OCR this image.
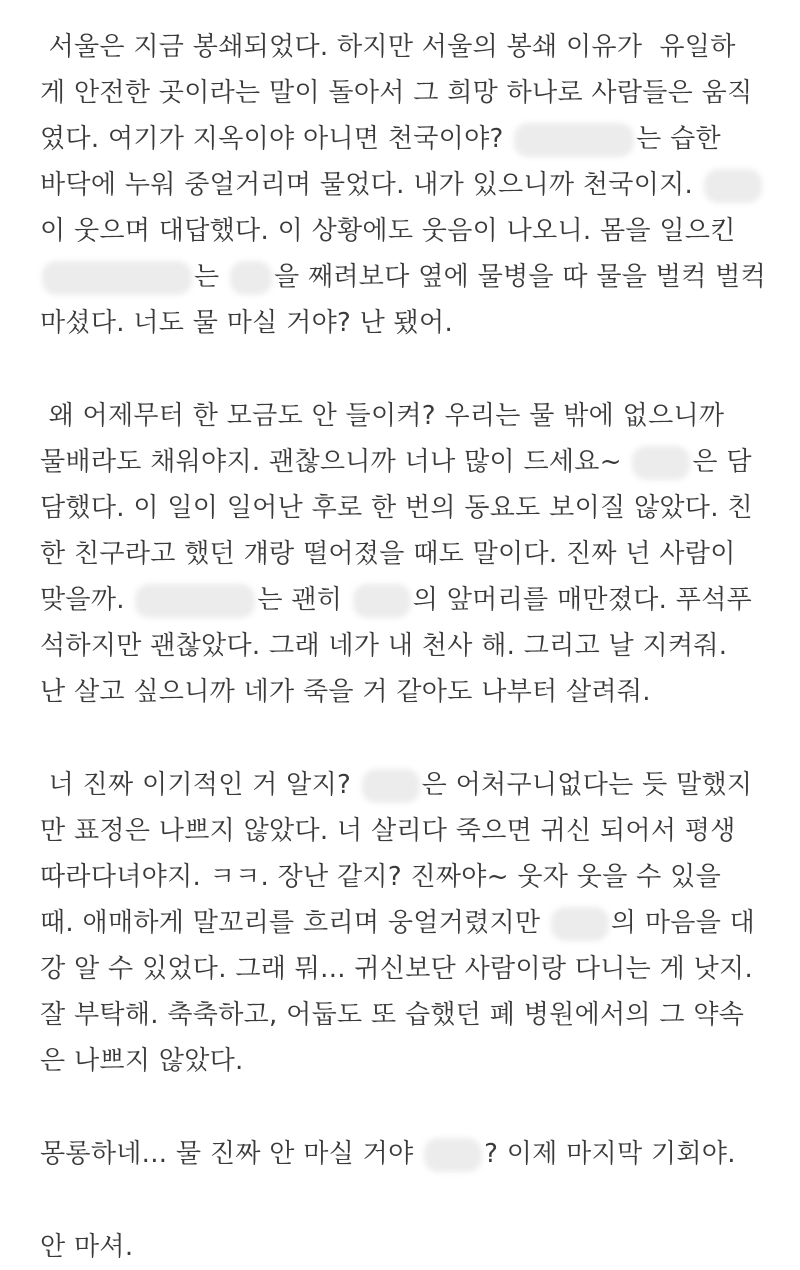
서울은 지금 봉쇄되었다. 하지만 서울의 봉쇄 이유가  유일하
게 안전한 곳이라는 말이 돌아서 그 희망 하나로 사람들은 움직
였다. 여기가 지옥이야 아니면 천국이야?	는 습한
바닥에 누워 중얼거리며 물었다. 내가 있으니까 천국이지.
이 웃으며 대답했다. 이 상황에도 웃음이 나오니. 몸을 일으킨
는 을 째려보다 옆에 물병을 따 물을 벌컥 벌컥
마셨다. 너도 물 마실 거야? 난 됐어.
왜 어제무터 한 모금도 안 들이켜? 우리는 물 밖에 없으니까
물배라도 채워야지. 괜찮으니까 너나 많이 드세요~ 은 담
담했다. 이 일이 일어난 후로 한 번의 동요도 보이질 않았다. 친
한 친구라고 했던 걔랑 떨어졌을 때도 말이다. 진짜 넌 사람이
맞을까.	는 괜히 의 앞머리를 매만졌다. 푸석푸
석하지만 괜찮았다. 그래 네가 내 천사 해. 그리고 날 지켜줘.
난 살고 싶으니까 네가 죽을 거 같아도 나부터 살려줘.
너 진짜 이기적인 거 알지? 은 어처구니없다는 듯 말했지
만 표정은 나쁘지 않았다. 너 살리다 죽으면 귀신 되어서 평생
따라다녀야지. ㅋㅋ. 장난 같지? 진짜야~ 웃자 웃을 수 있을
때. 애매하게 말꼬리를 흐리며 웅얼거렸지만 의 마음을 대
강 알 수 있었다. 그래 뭐... 귀신보단 사람이랑 다니는 게 낫지.
잘 부탁해. 축축하고, 어둡도 또 습했던 폐 병원에서의 그 약속
은 나쁘지 않았다.
몽롱하네... 물 진짜 안 마실 거야 ? 이제 마지막 기회야.
안 마셔.
